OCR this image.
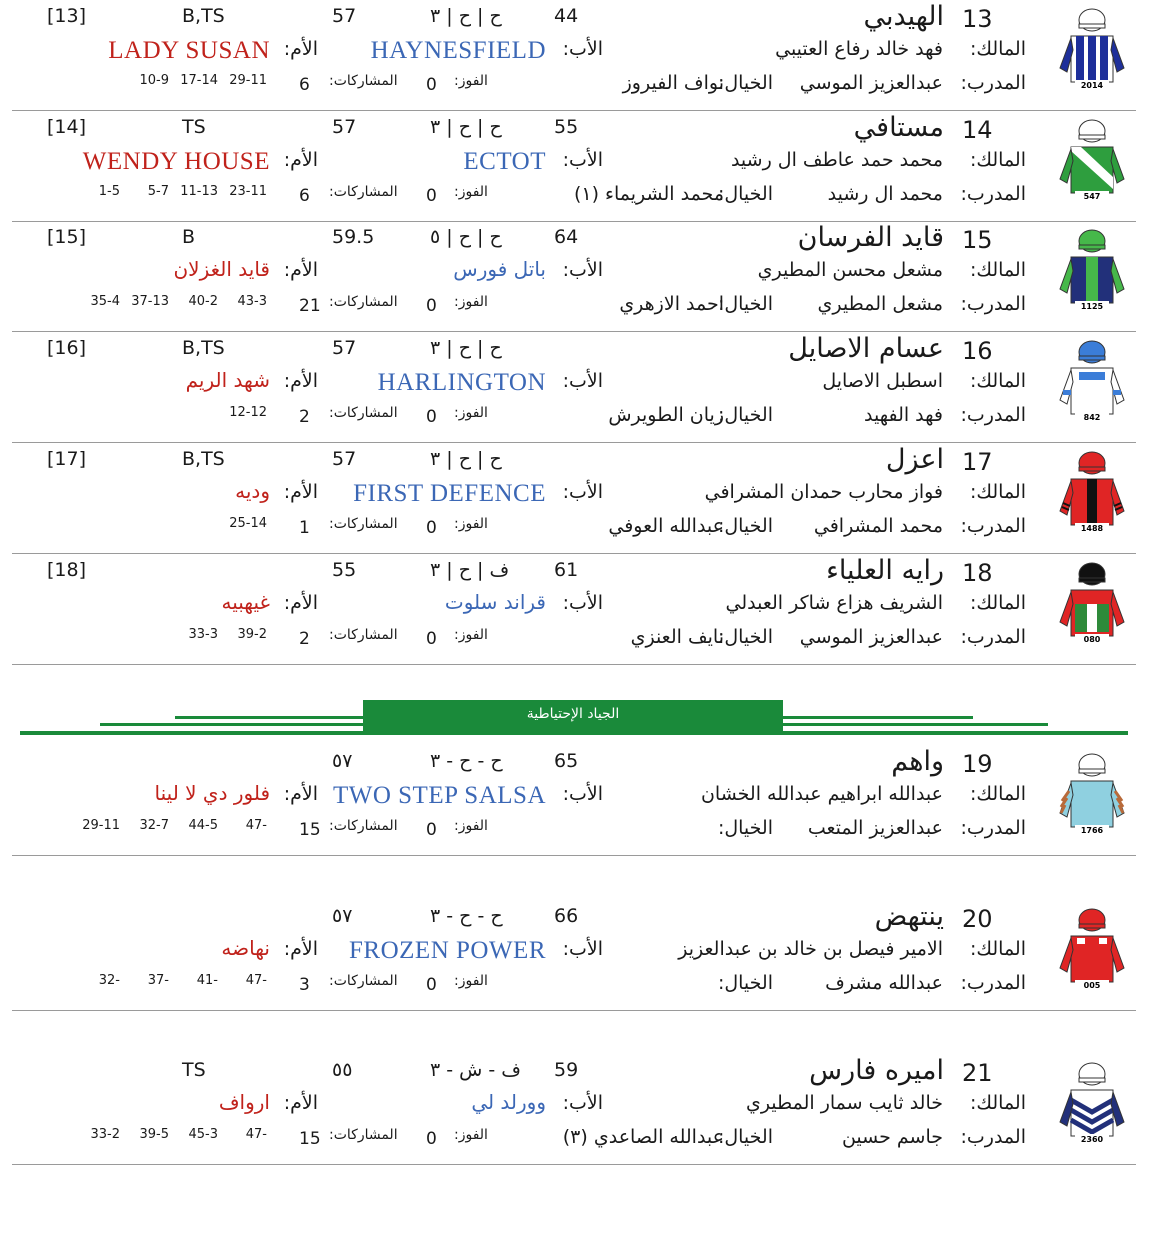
2014
13
الهيدبي
44
ح | ح | ٣
57
B,TS
[13]
المالك:
فهد خالد رفاع العتيبي
الأب:
HAYNESFIELD
الأم:
LADY SUSAN
المدرب:
عبدالعزيز الموسي
الخيال:
نواف الفيروز
الفوز:
0
المشاركات:
6
29-11
17-14
10-9
547
14
مستافي
55
ح | ح | ٣
57
TS
[14]
المالك:
محمد حمد عاطف ال رشيد
الأب:
ECTOT
الأم:
WENDY HOUSE
المدرب:
محمد ال رشيد
الخيال:
محمد الشريماء (١)
الفوز:
0
المشاركات:
6
23-11
11-13
5-7
1-5
1125
15
قايد الفرسان
64
ح | ح | ٥
59.5
B
[15]
المالك:
مشعل محسن المطيري
الأب:
باتل فورس
الأم:
قايد الغزلان
المدرب:
مشعل المطيري
الخيال:
احمد الازهري
الفوز:
0
المشاركات:
21
43-3
40-2
37-13
35-4
842
16
عسام الاصايل
ح | ح | ٣
57
B,TS
[16]
المالك:
اسطبل الاصايل
الأب:
HARLINGTON
الأم:
شهد الريم
المدرب:
فهد الفهيد
الخيال:
ريان الطويرش
الفوز:
0
المشاركات:
2
12-12
1488
17
اعزل
ح | ح | ٣
57
B,TS
[17]
المالك:
فواز محارب حمدان المشرافي
الأب:
FIRST DEFENCE
الأم:
وديه
المدرب:
محمد المشرافي
الخيال:
عبدالله العوفي
الفوز:
0
المشاركات:
1
25-14
080
18
رايه العلياء
61
ف | ح | ٣
55
[18]
المالك:
الشريف هزاع شاكر العبدلي
الأب:
قراند سلوت
الأم:
غيهبيه
المدرب:
عبدالعزيز الموسي
الخيال:
نايف العنزي
الفوز:
0
المشاركات:
2
39-2
33-3
1766
19
واهم
65
ح - ح - ٣
٥٧
المالك:
عبدالله ابراهيم عبدالله الخشان
الأب:
TWO STEP SALSA
الأم:
فلور دي لا لينا
المدرب:
عبدالعزيز المتعب
الخيال:
الفوز:
0
المشاركات:
15
47-
44-5
32-7
29-11
005
20
ينتهض
66
ح - ح - ٣
٥٧
المالك:
الامير فيصل بن خالد بن عبدالعزيز
الأب:
FROZEN POWER
الأم:
نهاضه
المدرب:
عبدالله مشرف
الخيال:
الفوز:
0
المشاركات:
3
47-
41-
37-
32-
2360
21
اميره فارس
59
ف - ش - ٣
٥٥
TS
المالك:
خالد ثايب سمار المطيري
الأب:
وورلد لي
الأم:
ارواف
المدرب:
جاسم حسين
الخيال:
عبدالله الصاعدي (٣)
الفوز:
0
المشاركات:
15
47-
45-3
39-5
33-2
الجياد الإحتياطية
